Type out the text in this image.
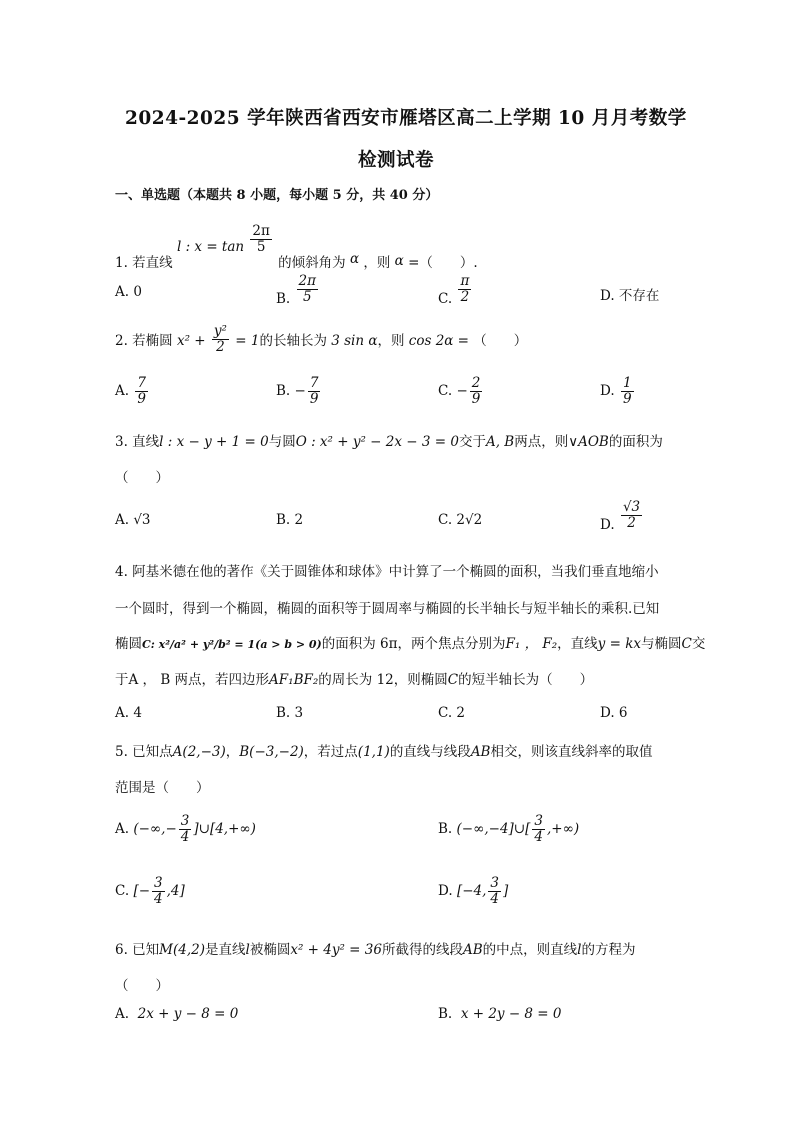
2024-2025 学年陕西省西安市雁塔区高二上学期 10 月月考数学
检测试卷
一、单选题（本题共 8 小题，每小题 5 分，共 40 分）
1. 若直线 l : $x = \tan \frac{2\pi}{5}$
的倾斜角为 α ，则 α =（　　）.
A. 0	B. $\frac{2\pi}{5}$	C. $\frac{\pi}{2}$	D. 不存在
2. 若椭圆 $x^2 + \frac{\text{y²}}{2} = 1$的长轴长为 3 sin α，则 cos 2α = （　　）
A. $\frac{7}{9}$	B. − $\frac{7}{9}$	C. − $\frac{2}{9}$	D. $\frac{1}{9}$
3. 直线l : x − y + 1 = 0与圆O : x² + y² − 2x − 3 = 0交于A, B两点，则∨AOB的面积为
（　　）
A. √3	B. 2	C. 2√2	D. $\frac{√3}{2}$
4. 阿基米德在他的著作《关于圆锥体和球体》中计算了一个椭圆的面积，当我们垂直地缩小
一个圆时，得到一个椭圆，椭圆的面积等于圆周率与椭圆的长半轴长与短半轴长的乘积.已知
椭圆C: x²/a² + y²/b² = 1(a > b > 0)的面积为 6π，两个焦点分别为F₁ ， F₂，直线y = kx与椭圆C交
于A ， B 两点，若四边形AF₁BF₂的周长为 12，则椭圆C的短半轴长为（　　）
A. 4	B. 3	C. 2	D. 6
5. 已知点A(2,−3)，B(−3,−2)，若过点(1,1)的直线与线段AB相交，则该直线斜率的取值
范围是（　　）
A. (−∞,− $\frac{3}{4}$ ]∪[4,+∞)	B. (−∞,−4]∪[ $\frac{3}{4}$ ,+∞)
C. [− $\frac{3}{4} ,4$]	D. [−4, $\frac{3}{4}$ ]
6. 已知M(4,2)是直线l被椭圆x² + 4y² = 36所截得的线段AB的中点，则直线l的方程为
（　　）
A. 2x + y − 8 = 0	B. x + 2y − 8 = 0
